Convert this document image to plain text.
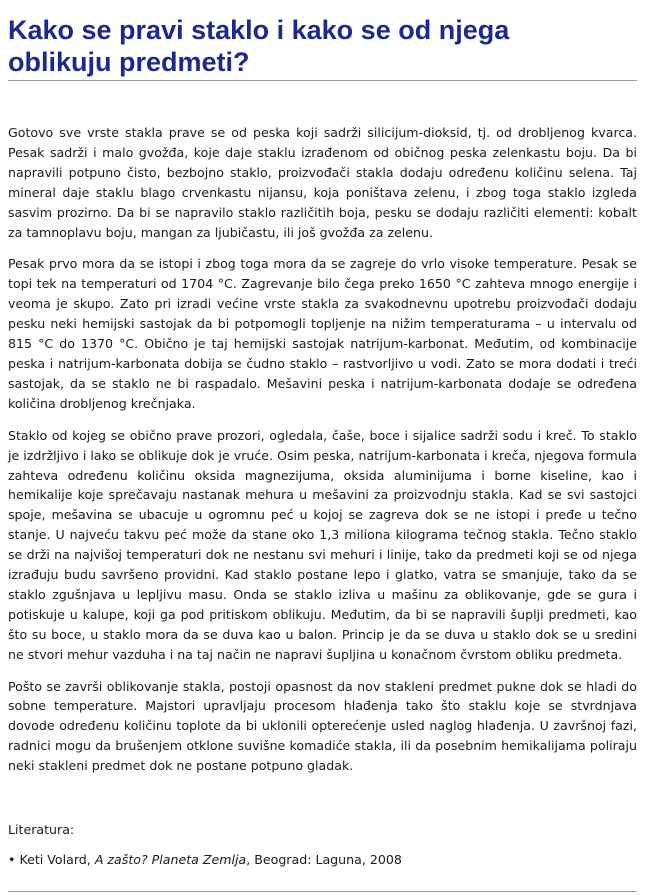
Kako se pravi staklo i kako se od njega oblikuju predmeti?

Gotovo sve vrste stakla prave se od peska koji sadrži silicijum-dioksid, tj. od drobljenog kvarca. Pesak sadrži i malo gvožđa, koje daje staklu izrađenom od običnog peska zelenkastu boju. Da bi napravili potpuno čisto, bezbojno staklo, proizvođači stakla dodaju određenu količinu selena. Taj mineral daje staklu blago crvenkastu nijansu, koja poništava zelenu, i zbog toga staklo izgleda sasvim prozirno. Da bi se napravilo staklo različitih boja, pesku se dodaju različiti elementi: kobalt za tamnoplavu boju, mangan za ljubičastu, ili još gvožđa za zelenu.

Pesak prvo mora da se istopi i zbog toga mora da se zagreje do vrlo visoke temperature. Pesak se topi tek na temperaturi od 1704 °C. Zagrevanje bilo čega preko 1650 °C zahteva mnogo energije i veoma je skupo. Zato pri izradi većine vrste stakla za svakodnevnu upotrebu proizvođači dodaju pesku neki hemijski sastojak da bi potpomogli topljenje na nižim temperaturama – u intervalu od 815 °C do 1370 °C. Obično je taj hemijski sastojak natrijum-karbonat. Međutim, od kombinacije peska i natrijum-karbonata dobija se čudno staklo – rastvorljivo u vodi. Zato se mora dodati i treći sastojak, da se staklo ne bi raspadalo. Mešavini peska i natrijum-karbonata dodaje se određena količina drobljenog krečnjaka.

Staklo od kojeg se obično prave prozori, ogledala, čaše, boce i sijalice sadrži sodu i kreč. To staklo je izdržljivo i lako se oblikuje dok je vruće. Osim peska, natrijum-karbonata i kreča, njegova formula zahteva određenu količinu oksida magnezijuma, oksida aluminijuma i borne kiseline, kao i hemikalije koje sprečavaju nastanak mehura u mešavini za proizvodnju stakla. Kad se svi sastojci spoje, mešavina se ubacuje u ogromnu peć u kojoj se zagreva dok se ne istopi i pređe u tečno stanje. U najveću takvu peć može da stane oko 1,3 miliona kilograma tečnog stakla. Tečno staklo se drži na najvišoj temperaturi dok ne nestanu svi mehuri i linije, tako da predmeti koji se od njega izrađuju budu savršeno providni. Kad staklo postane lepo i glatko, vatra se smanjuje, tako da se staklo zgušnjava u lepljivu masu. Onda se staklo izliva u mašinu za oblikovanje, gde se gura i potiskuje u kalupe, koji ga pod pritiskom oblikuju. Međutim, da bi se napravili šuplji predmeti, kao što su boce, u staklo mora da se duva kao u balon. Princip je da se duva u staklo dok se u sredini ne stvori mehur vazduha i na taj način ne napravi šupljina u konačnom čvrstom obliku predmeta.

Pošto se završi oblikovanje stakla, postoji opasnost da nov stakleni predmet pukne dok se hladi do sobne temperature. Majstori upravljaju procesom hlađenja tako što staklu koje se stvrdnjava dovode određenu količinu toplote da bi uklonili opterećenje usled naglog hlađenja. U završnoj fazi, radnici mogu da brušenjem otklone suvišne komadiće stakla, ili da posebnim hemikalijama poliraju neki stakleni predmet dok ne postane potpuno gladak.

Literatura:

• Keti Volard, A zašto? Planeta Zemlja, Beograd: Laguna, 2008
